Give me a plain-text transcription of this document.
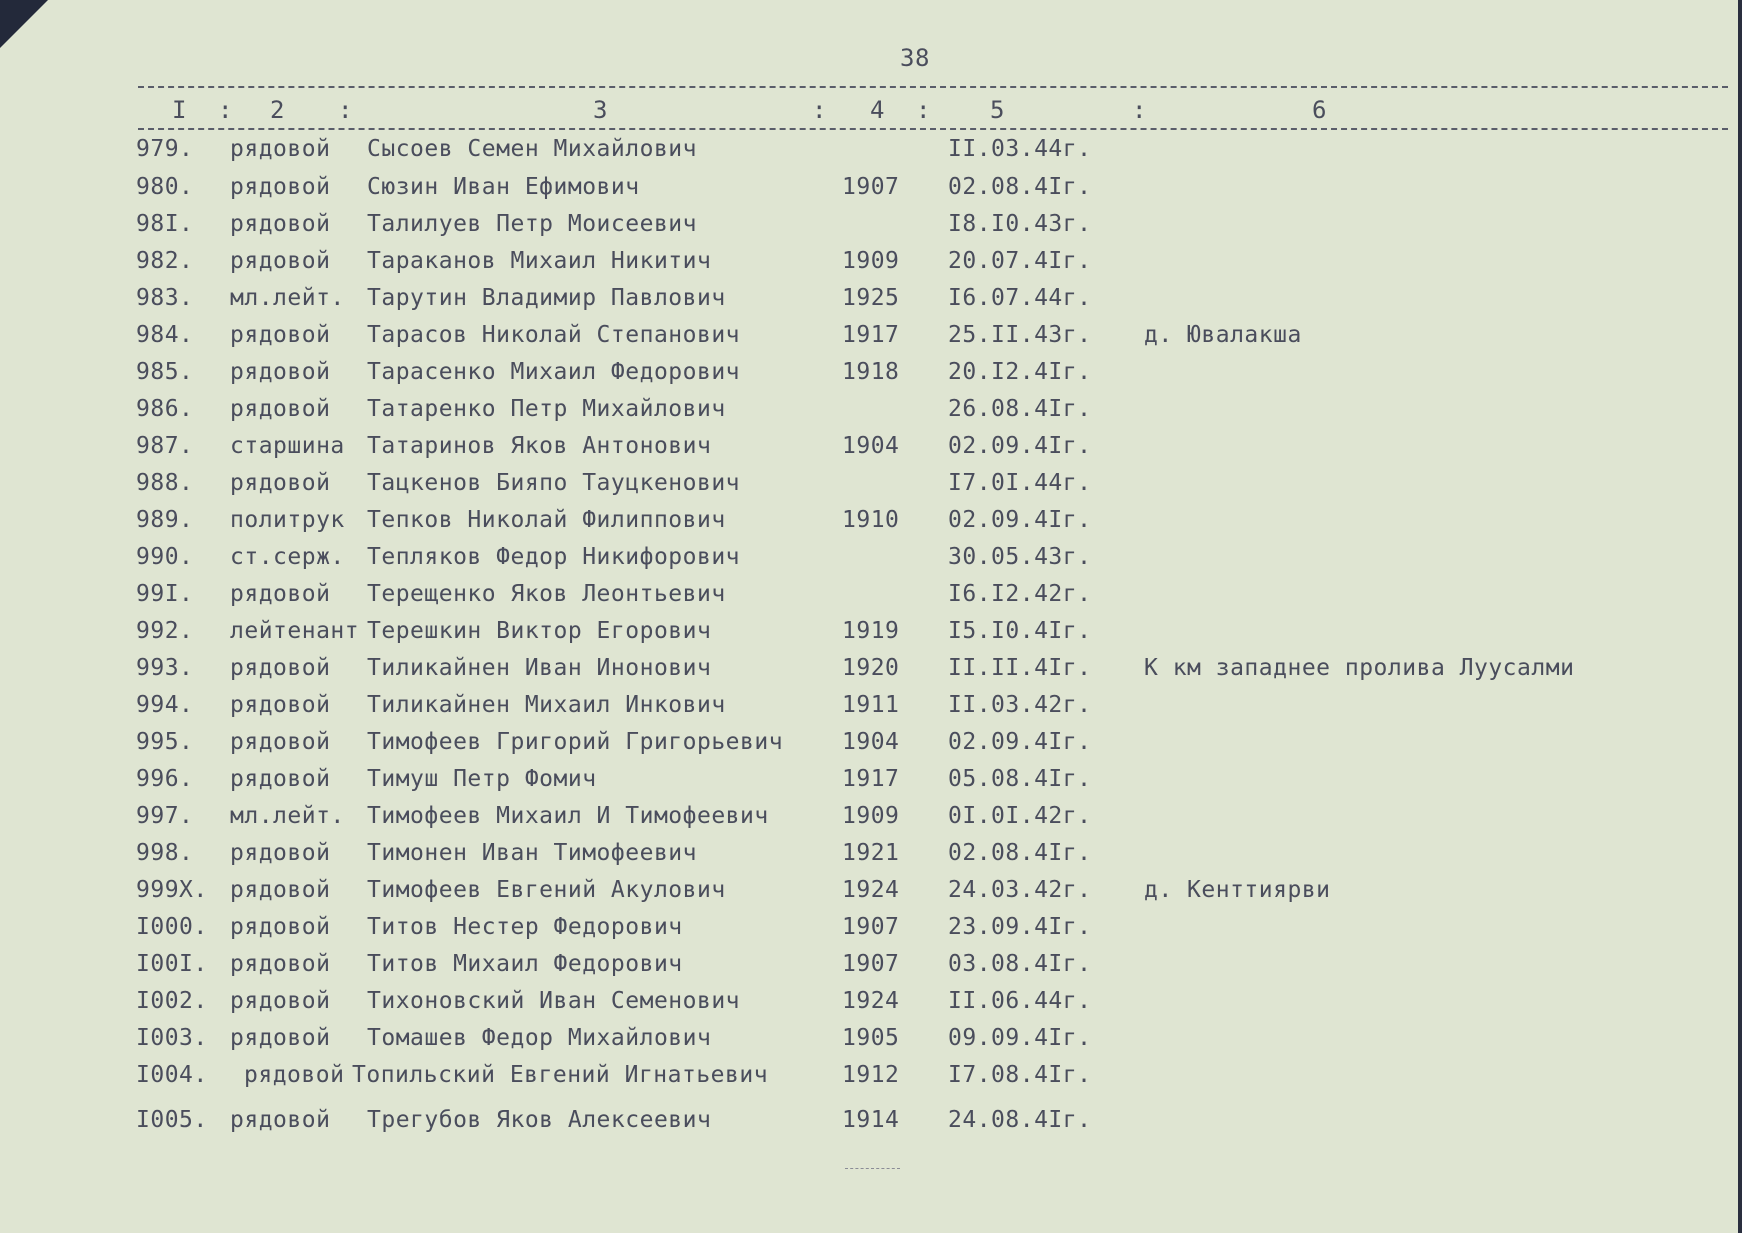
38
I : 2 :	3	: 4 : 5	:	6
979. рядовой Сысоев Семен Михайлович	II.03.44г.
980. рядовой Сюзин Иван Ефимович	1907 02.08.4Iг.
98I. рядовой Талилуев Петр Моисеевич	I8.I0.43г.
982. рядовой Тараканов Михаил Никитич	1909 20.07.4Iг.
983. мл.лейт. Тарутин Владимир Павлович	1925 I6.07.44г.
984. рядовой Тарасов Николай Степанович	1917 25.II.43г. д. Ювалакша
985. рядовой Тарасенко Михаил Федорович	1918 20.I2.4Iг.
986. рядовой Татаренко Петр Михайлович	26.08.4Iг.
987. старшина Татаринов Яков Антонович	1904 02.09.4Iг.
988. рядовой Тацкенов Бияпо Тауцкенович	I7.0I.44г.
989. политрук Тепков Николай Филиппович	1910 02.09.4Iг.
990. ст.серж. Тепляков Федор Никифорович	30.05.43г.
99I. рядовой Терещенко Яков Леонтьевич	I6.I2.42г.
992. лейтенант Терешкин Виктор Егорович	1919 I5.I0.4Iг.
993. рядовой Тиликайнен Иван Инонович	1920 II.II.4Iг. К км западнее пролива Луусалми
994. рядовой Тиликайнен Михаил Инкович	1911 II.03.42г.
995. рядовой Тимофеев Григорий Григорьевич	1904 02.09.4Iг.
996. рядовой Тимуш Петр Фомич	1917 05.08.4Iг.
997. мл.лейт. Тимофеев Михаил И Тимофеевич	1909 0I.0I.42г.
998. рядовой Тимонен Иван Тимофеевич	1921 02.08.4Iг.
999X. рядовой Тимофеев Евгений Акулович	1924 24.03.42г. д. Кенттиярви
I000. рядовой Титов Нестер Федорович	1907 23.09.4Iг.
I00I. рядовой Титов Михаил Федорович	1907 03.08.4Iг.
I002. рядовой Тихоновский Иван Семенович	1924 II.06.44г.
I003. рядовой Томашев Федор Михайлович	1905 09.09.4Iг.
I004. рядовой Топильский Евгений Игнатьевич	1912 I7.08.4Iг.
I005. рядовой Трегубов Яков Алексеевич	1914 24.08.4Iг.
